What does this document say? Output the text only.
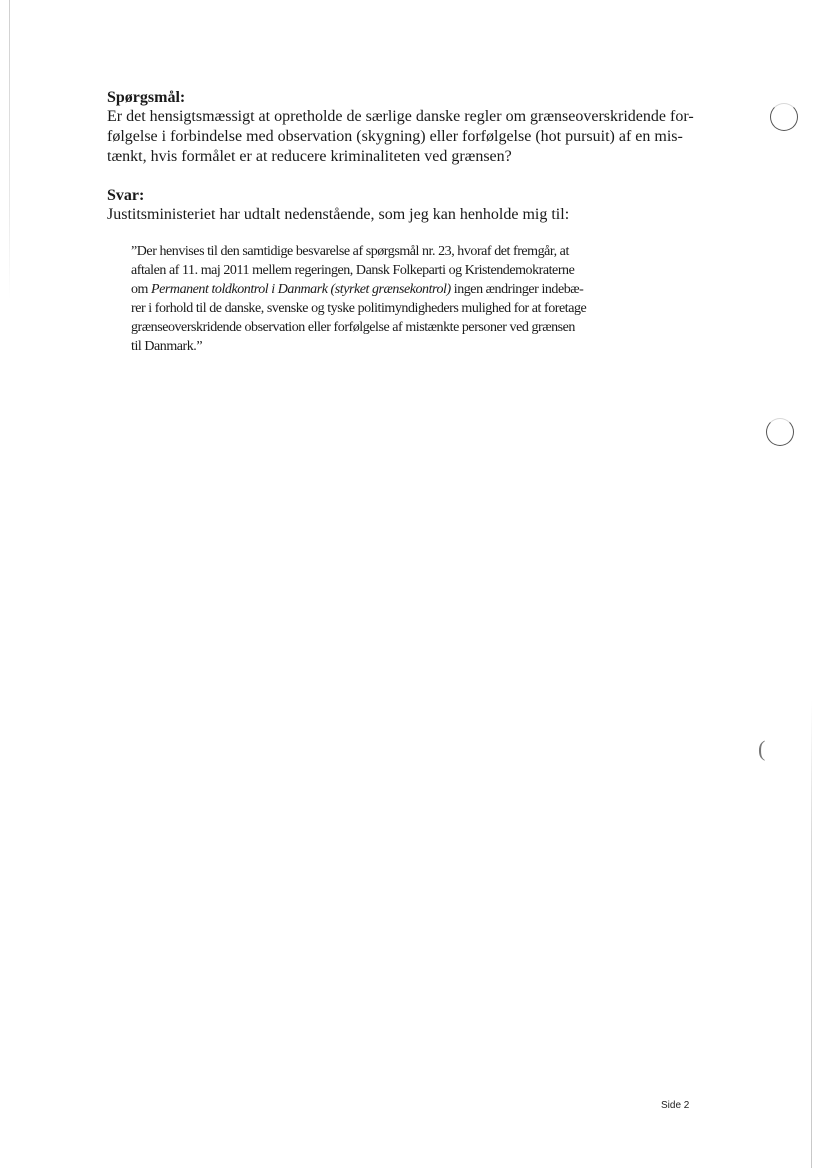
Spørgsmål:
Er det hensigtsmæssigt at opretholde de særlige danske regler om grænseoverskridende for-
følgelse i forbindelse med observation (skygning) eller forfølgelse (hot pursuit) af en mis-
tænkt, hvis formålet er at reducere kriminaliteten ved grænsen?
Svar:
Justitsministeriet har udtalt nedenstående, som jeg kan henholde mig til:
”Der henvises til den samtidige besvarelse af spørgsmål nr. 23, hvoraf det fremgår, at
aftalen af 11. maj 2011 mellem regeringen, Dansk Folkeparti og Kristendemokraterne
om Permanent toldkontrol i Danmark (styrket grænsekontrol) ingen ændringer indebæ-
rer i forhold til de danske, svenske og tyske politimyndigheders mulighed for at foretage
grænseoverskridende observation eller forfølgelse af mistænkte personer ved grænsen
til Danmark.”
(
Side 2
